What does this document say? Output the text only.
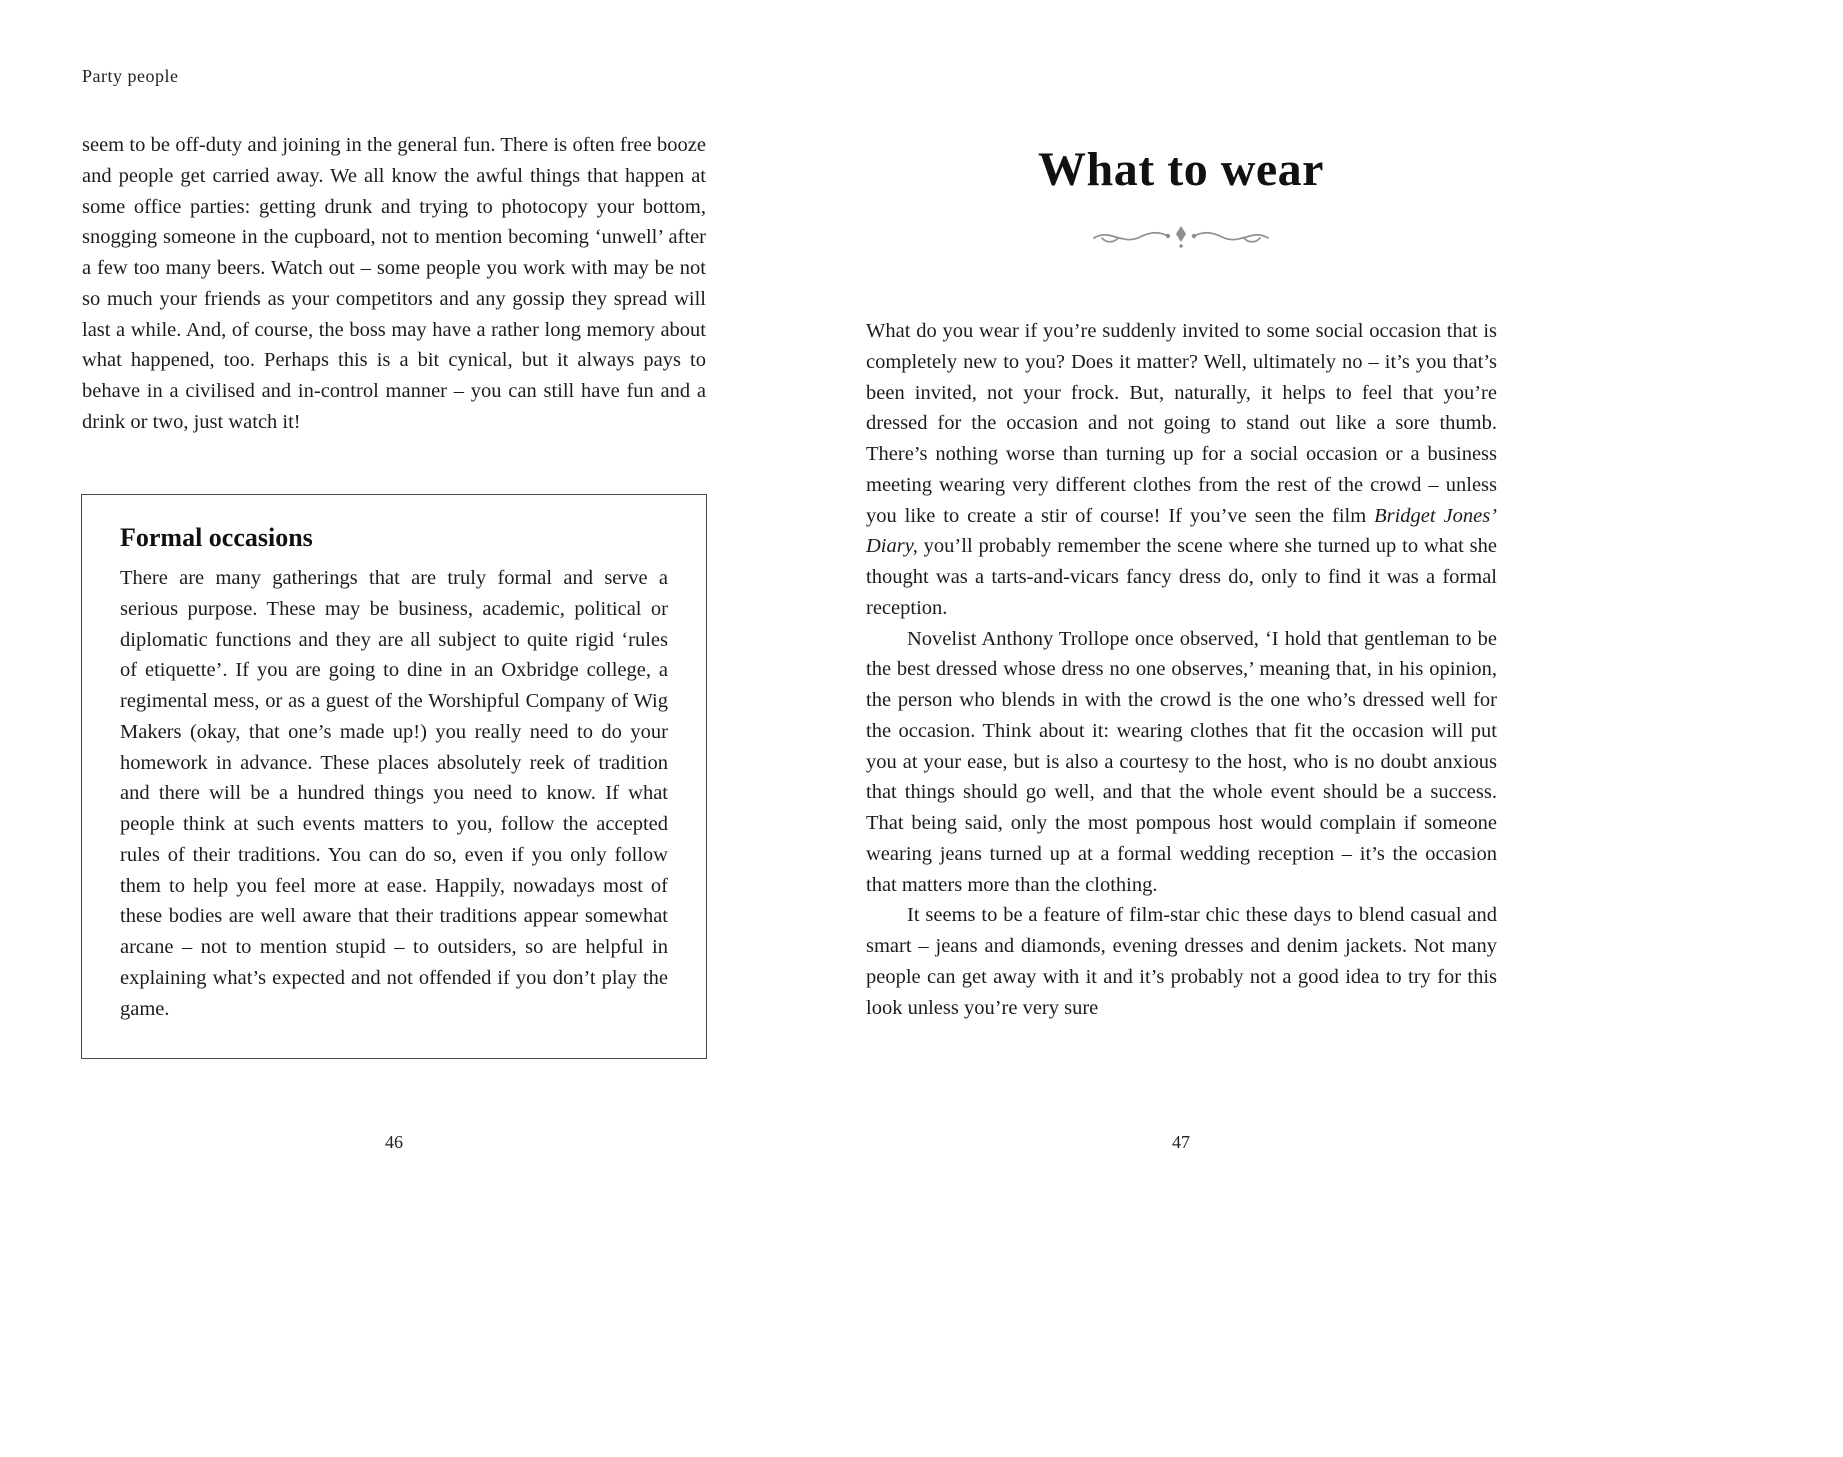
Party people
seem to be off-duty and joining in the general fun. There is often free booze and people get carried away. We all know the awful things that happen at some office parties: getting drunk and trying to photocopy your bottom, snogging someone in the cupboard, not to mention becoming ‘unwell’ after a few too many beers. Watch out – some people you work with may be not so much your friends as your competitors and any gossip they spread will last a while. And, of course, the boss may have a rather long memory about what happened, too. Perhaps this is a bit cynical, but it always pays to behave in a civilised and in-control manner – you can still have fun and a drink or two, just watch it!
Formal occasions

There are many gatherings that are truly formal and serve a serious purpose. These may be business, academic, political or diplomatic functions and they are all subject to quite rigid ‘rules of etiquette’. If you are going to dine in an Oxbridge college, a regimental mess, or as a guest of the Worshipful Company of Wig Makers (okay, that one’s made up!) you really need to do your homework in advance. These places absolutely reek of tradition and there will be a hundred things you need to know. If what people think at such events matters to you, follow the accepted rules of their traditions. You can do so, even if you only follow them to help you feel more at ease. Happily, nowadays most of these bodies are well aware that their traditions appear somewhat arcane – not to mention stupid – to outsiders, so are helpful in explaining what’s expected and not offended if you don’t play the game.

46
What to wear

What do you wear if you’re suddenly invited to some social occasion that is completely new to you? Does it matter? Well, ultimately no – it’s you that’s been invited, not your frock. But, naturally, it helps to feel that you’re dressed for the occasion and not going to stand out like a sore thumb. There’s nothing worse than turning up for a social occasion or a business meeting wearing very different clothes from the rest of the crowd – unless you like to create a stir of course! If you’ve seen the film Bridget Jones’ Diary, you’ll probably remember the scene where she turned up to what she thought was a tarts-and-vicars fancy dress do, only to find it was a formal reception.

Novelist Anthony Trollope once observed, ‘I hold that gentleman to be the best dressed whose dress no one observes,’ meaning that, in his opinion, the person who blends in with the crowd is the one who’s dressed well for the occasion. Think about it: wearing clothes that fit the occasion will put you at your ease, but is also a courtesy to the host, who is no doubt anxious that things should go well, and that the whole event should be a success. That being said, only the most pompous host would complain if someone wearing jeans turned up at a formal wedding reception – it’s the occasion that matters more than the clothing.

It seems to be a feature of film-star chic these days to blend casual and smart – jeans and diamonds, evening dresses and denim jackets. Not many people can get away with it and it’s probably not a good idea to try for this look unless you’re very sure

47
